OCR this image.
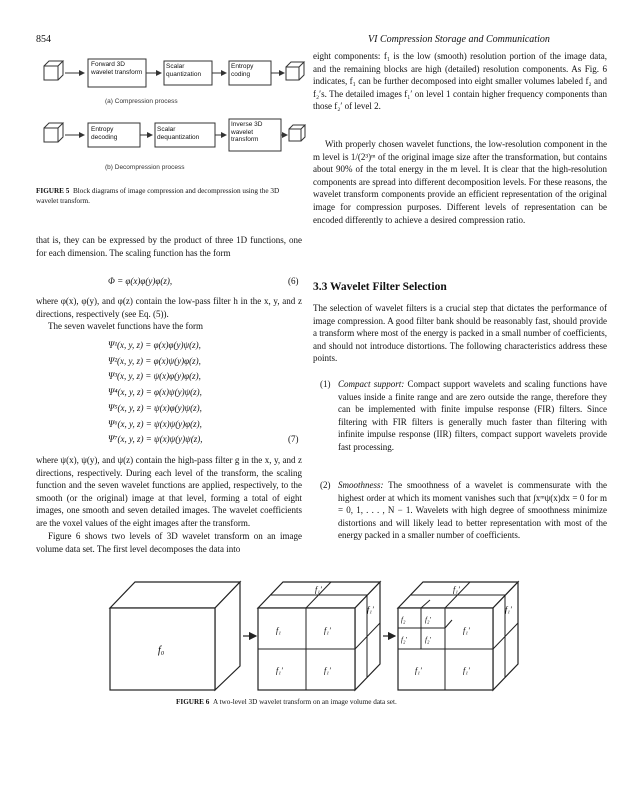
854	VI Compression Storage and Communication
Forward 3D wavelet transform
Scalar quantization
Entropy coding
(a) Compression process
Entropy decoding
Scalar dequantization
Inverse 3D wavelet transform
(b) Decompression process
FIGURE 5 Block diagrams of image compression and decompression using the 3D wavelet transform.
that is, they can be expressed by the product of three 1D functions, one for each dimension. The scaling function has the form
Φ = φ(x)φ(y)φ(z),	(6)
where φ(x), φ(y), and φ(z) contain the low-pass filter h in the x, y, and z directions, respectively (see Eq. (5)).
The seven wavelet functions have the form
Ψ¹(x, y, z) = φ(x)φ(y)ψ(z),
Ψ²(x, y, z) = φ(x)ψ(y)φ(z),
Ψ³(x, y, z) = ψ(x)φ(y)φ(z),
Ψ⁴(x, y, z) = φ(x)ψ(y)ψ(z),
Ψ⁵(x, y, z) = ψ(x)φ(y)ψ(z),
Ψ⁶(x, y, z) = ψ(x)ψ(y)φ(z),
Ψ⁷(x, y, z) = ψ(x)ψ(y)ψ(z),	(7)
where ψ(x), ψ(y), and ψ(z) contain the high-pass filter g in the x, y, and z directions, respectively. During each level of the transform, the scaling function and the seven wavelet functions are applied, respectively, to the smooth (or the original) image at that level, forming a total of eight images, one smooth and seven detailed images. The wavelet coefficients are the voxel values of the eight images after the transform.
Figure 6 shows two levels of 3D wavelet transform on an image volume data set. The first level decomposes the data into
eight components: f₁ is the low (smooth) resolution portion of the image data, and the remaining blocks are high (detailed) resolution components. As Fig. 6 indicates, f₁ can be further decomposed into eight smaller volumes labeled f₂ and f₂′s. The detailed images f₁′ on level 1 contain higher frequency components than those f₂′ of level 2.
With properly chosen wavelet functions, the low-resolution component in the m level is 1/(2³)ᵐ of the original image size after the transformation, but contains about 90% of the total energy in the m level. It is clear that the high-resolution components are spread into different decomposition levels. For these reasons, the wavelet transform components provide an efficient representation of the original image for compression purposes. Different levels of representation can be encoded differently to achieve a desired compression ratio.
3.3 Wavelet Filter Selection
The selection of wavelet filters is a crucial step that dictates the performance of image compression. A good filter bank should be reasonably fast, should provide a transform where most of the energy is packed in a small number of coefficients, and should not introduce distortions. The following characteristics address these points.
(1) Compact support: Compact support wavelets and scaling functions have values inside a finite range and are zero outside the range, therefore they can be implemented with finite impulse response (FIR) filters. Since filtering with FIR filters is generally much faster than filtering with infinite impulse response (IIR) filters, compact support wavelets provide fast processing.
(2) Smoothness: The smoothness of a wavelet is commensurate with the highest order at which its moment vanishes such that ∫xᵐψ(x)dx = 0 for m = 0, 1, . . . , N − 1. Wavelets with high degree of smoothness minimize distortions and will likely lead to better representation with most of the energy packed in a smaller number of coefficients.
f₀
f₁′
f₁′
f₁	f₁′
f₁′	f₁′
f₁′
f₁′
f₂	f₂′
f₂′	f₂′
f₁′
f₁′	f₁′
FIGURE 6 A two-level 3D wavelet transform on an image volume data set.
